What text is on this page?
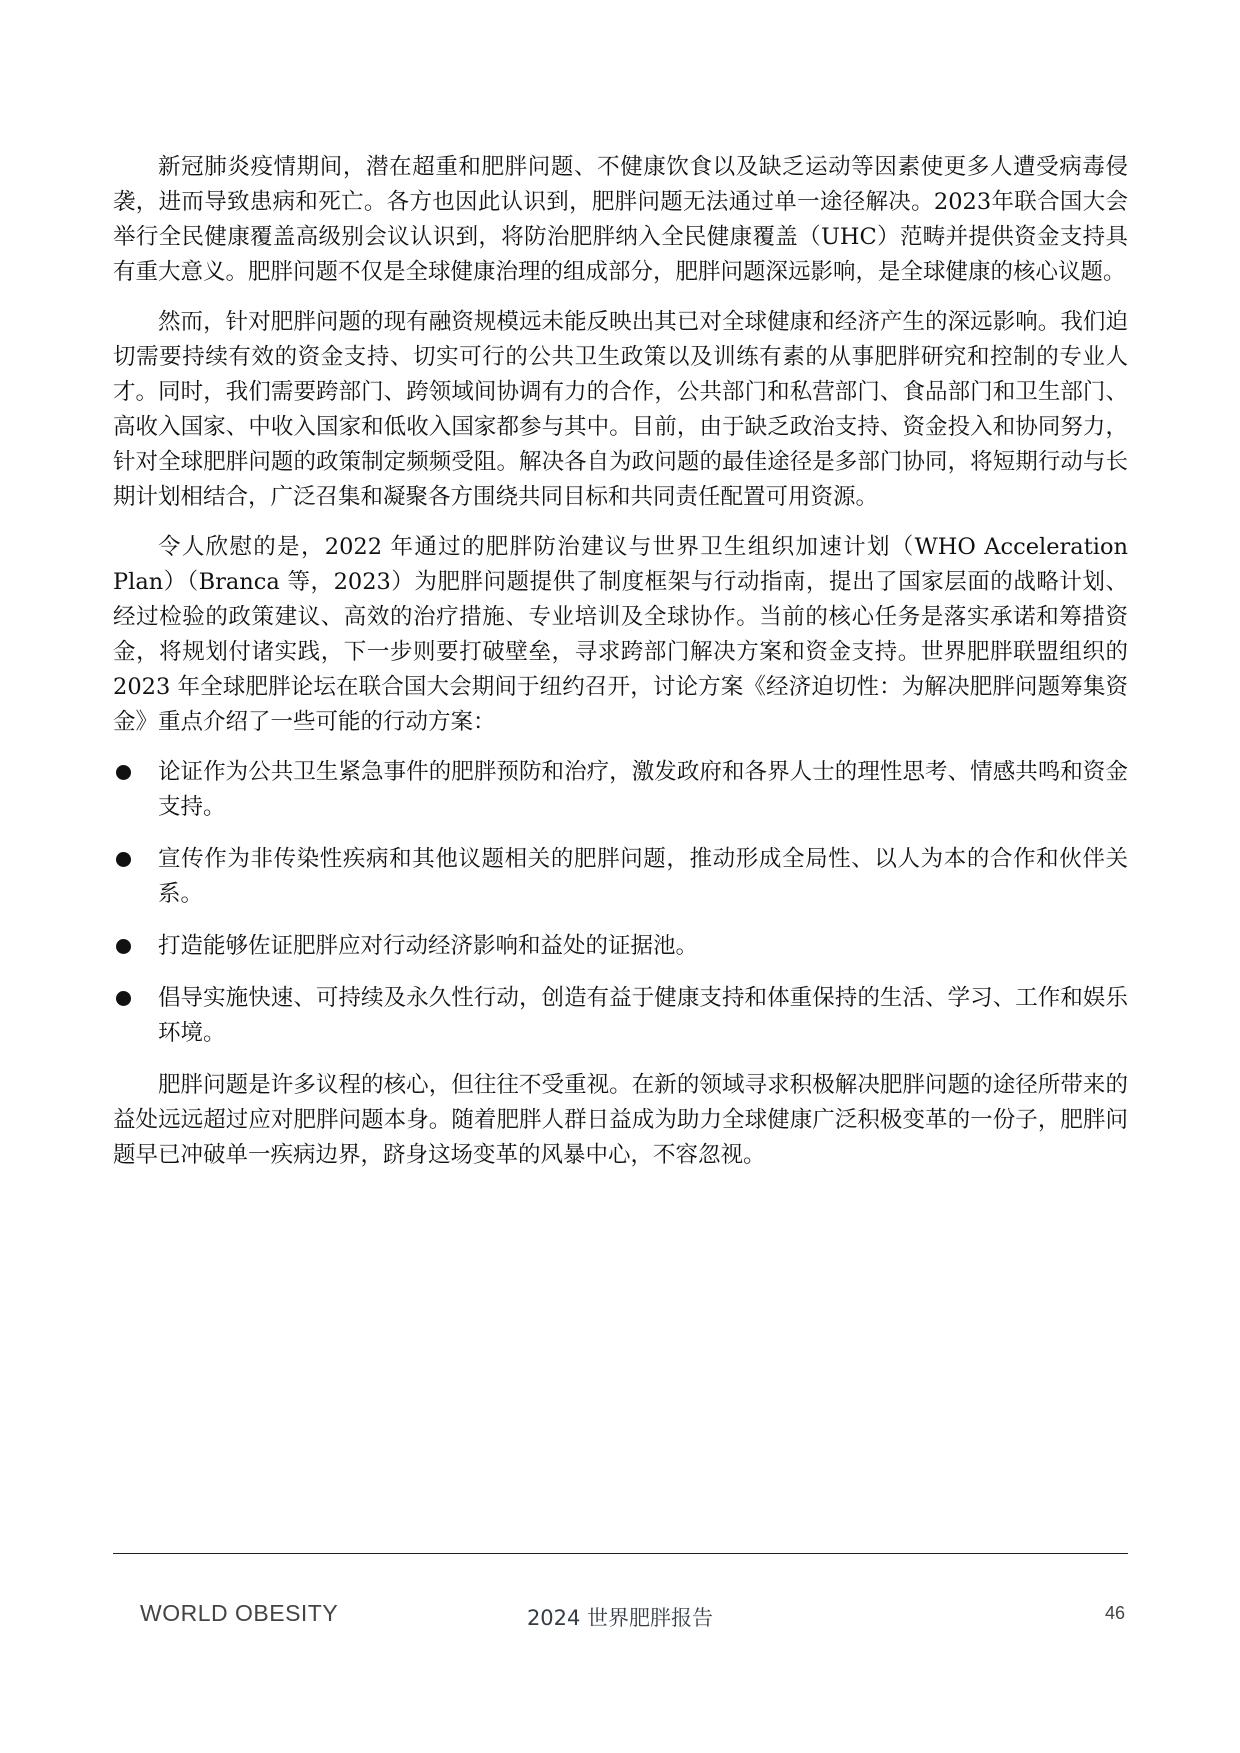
新冠肺炎疫情期间，潜在超重和肥胖问题、不健康饮食以及缺乏运动等因素使更多人遭受病毒侵袭，进而导致患病和死亡。各方也因此认识到，肥胖问题无法通过单一途径解决。2023年联合国大会举行全民健康覆盖高级别会议认识到，将防治肥胖纳入全民健康覆盖（UHC）范畴并提供资金支持具有重大意义。肥胖问题不仅是全球健康治理的组成部分，肥胖问题深远影响，是全球健康的核心议题。

然而，针对肥胖问题的现有融资规模远未能反映出其已对全球健康和经济产生的深远影响。我们迫切需要持续有效的资金支持、切实可行的公共卫生政策以及训练有素的从事肥胖研究和控制的专业人才。同时，我们需要跨部门、跨领域间协调有力的合作，公共部门和私营部门、食品部门和卫生部门、高收入国家、中收入国家和低收入国家都参与其中。目前，由于缺乏政治支持、资金投入和协同努力，针对全球肥胖问题的政策制定频频受阻。解决各自为政问题的最佳途径是多部门协同，将短期行动与长期计划相结合，广泛召集和凝聚各方围绕共同目标和共同责任配置可用资源。

令人欣慰的是，2022 年通过的肥胖防治建议与世界卫生组织加速计划（WHO Acceleration Plan）（Branca 等，2023）为肥胖问题提供了制度框架与行动指南，提出了国家层面的战略计划、经过检验的政策建议、高效的治疗措施、专业培训及全球协作。当前的核心任务是落实承诺和筹措资金，将规划付诸实践，下一步则要打破壁垒，寻求跨部门解决方案和资金支持。世界肥胖联盟组织的 2023 年全球肥胖论坛在联合国大会期间于纽约召开，讨论方案《经济迫切性：为解决肥胖问题筹集资金》重点介绍了一些可能的行动方案：

论证作为公共卫生紧急事件的肥胖预防和治疗，激发政府和各界人士的理性思考、情感共鸣和资金支持。
宣传作为非传染性疾病和其他议题相关的肥胖问题，推动形成全局性、以人为本的合作和伙伴关系。
打造能够佐证肥胖应对行动经济影响和益处的证据池。
倡导实施快速、可持续及永久性行动，创造有益于健康支持和体重保持的生活、学习、工作和娱乐环境。

肥胖问题是许多议程的核心，但往往不受重视。在新的领域寻求积极解决肥胖问题的途径所带来的益处远远超过应对肥胖问题本身。随着肥胖人群日益成为助力全球健康广泛积极变革的一份子，肥胖问题早已冲破单一疾病边界，跻身这场变革的风暴中心，不容忽视。

WORLD OBESITY	2024 世界肥胖报告	46
